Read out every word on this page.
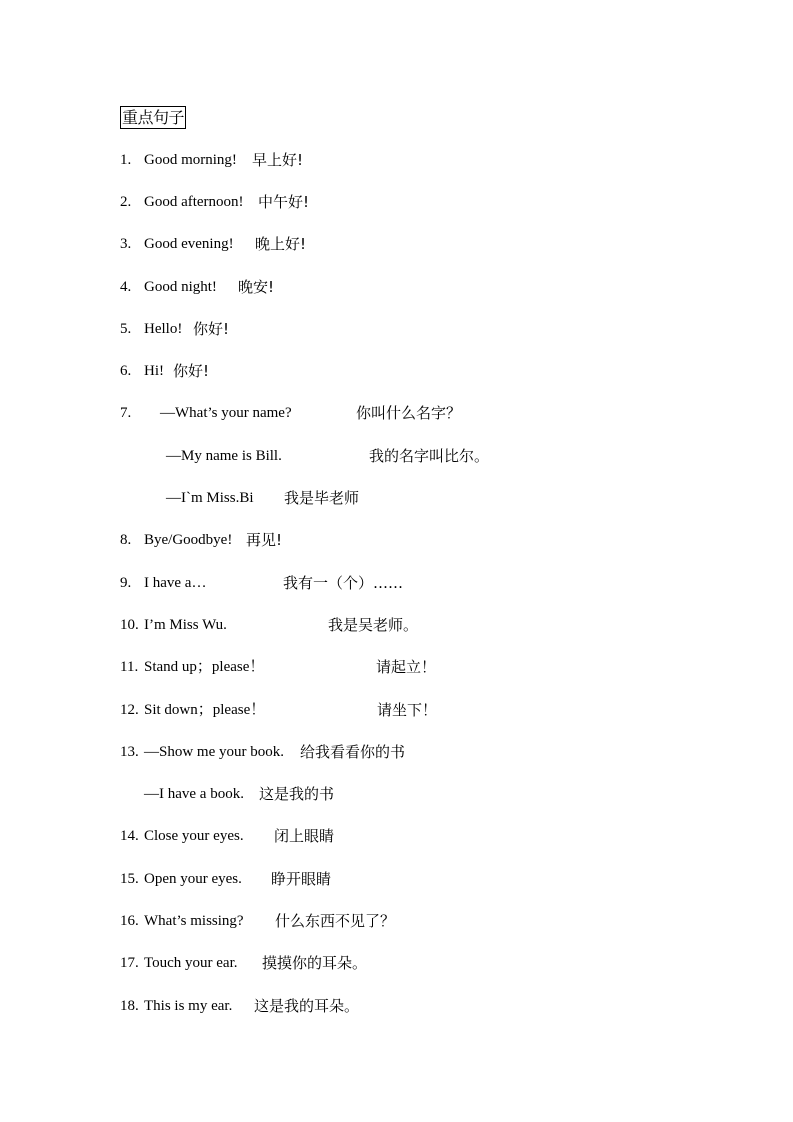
重点句子
1. Good morning! 早上好!
2. Good afternoon! 中午好!
3. Good evening! 晚上好!
4. Good night! 晚安!
5. Hello! 你好!
6. Hi! 你好!
7. —What’s your name?	你叫什么名字？
—My name is Bill.	我的名字叫比尔。
—I`m Miss.Bi 我是毕老师
8. Bye/Goodbye! 再见!
9. I have a…	我有一（个）……
10. I’m Miss Wu.	我是吴老师。
11. Stand up；please！	请起立！
12. Sit down；please！	请坐下！
13. —Show me your book. 给我看看你的书
—I have a book. 这是我的书
14. Close your eyes. 闭上眼睛
15. Open your eyes. 睁开眼睛
16. What’s missing? 什么东西不见了？
17. Touch your ear. 摸摸你的耳朵。
18. This is my ear. 这是我的耳朵。
